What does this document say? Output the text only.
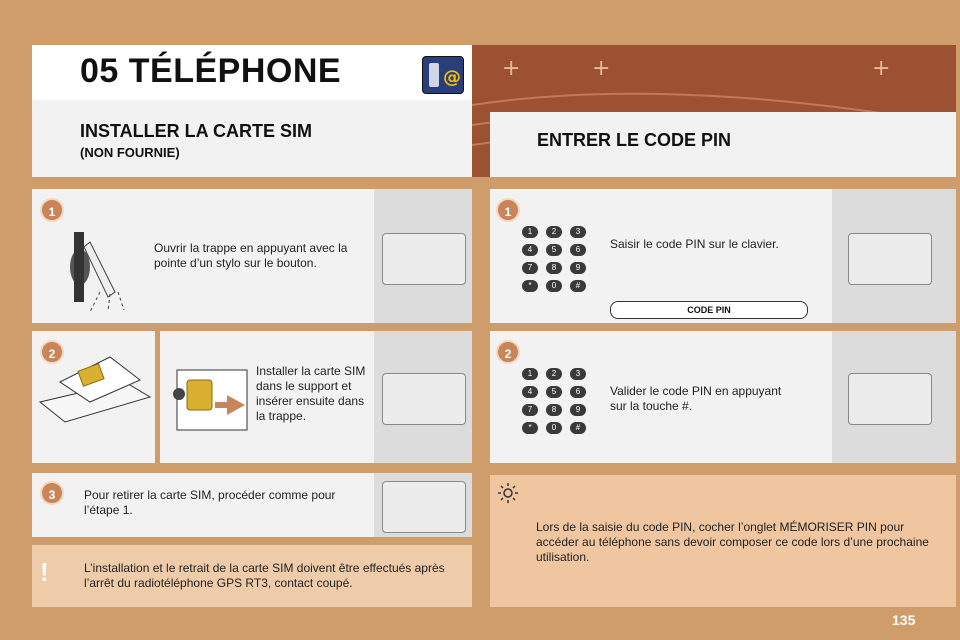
+	+	+
05 TÉLÉPHONE	@
INSTALLER LA CARTE SIM
(NON FOURNIE)
ENTRER LE CODE PIN
1
Ouvrir la trappe en appuyant avec la pointe d’un stylo sur le bouton.
2
Installer la carte SIM dans le support et insérer ensuite dans la trappe.
3	Pour retirer la carte SIM, procéder comme pour l’étape 1.
!	L’installation et le retrait de la carte SIM doivent être effectués après l’arrêt du radiotéléphone GPS RT3, contact coupé.
1
1	2	3
4	5	6
7	8	9
*	0	#
Saisir le code PIN sur le clavier.
CODE PIN
2
1	2	3
4	5	6
7	8	9
*	0	#
Valider le code PIN en appuyant sur la touche #.
Lors de la saisie du code PIN, cocher l’onglet MÉMORISER PIN pour accéder au téléphone sans devoir composer ce code lors d’une prochaine utilisation.
135
